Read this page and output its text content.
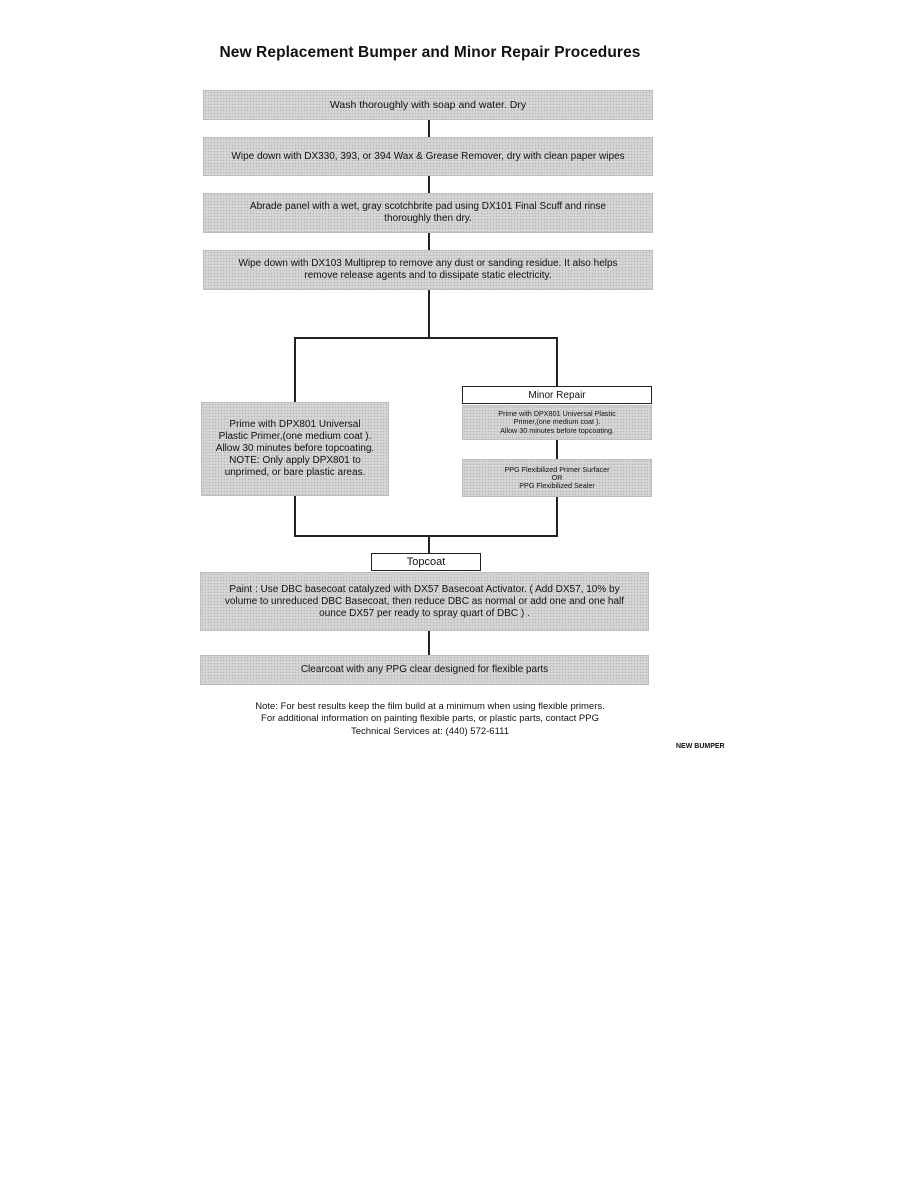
New Replacement Bumper and Minor Repair Procedures
Wash thoroughly with soap and water. Dry
Wipe down with DX330, 393, or 394 Wax & Grease Remover, dry with clean paper wipes
Abrade panel with a wet, gray scotchbrite pad using DX101 Final Scuff and rinse
thoroughly then dry.
Wipe down with DX103 Multiprep to remove any dust or sanding residue. It also helps
remove release agents and to dissipate static electricity.
Prime with DPX801 Universal
Plastic Primer,(one medium coat ).
Allow 30 minutes before topcoating.
NOTE: Only apply DPX801 to
unprimed, or bare plastic areas.
Minor Repair
Prime with DPX801 Universal Plastic
Primer,(one medium coat ).
Allow 30 minutes before topcoating.
PPG Flexibilized Primer Surfacer
OR
PPG Flexibilized Sealer
Topcoat
Paint : Use DBC basecoat catalyzed with DX57 Basecoat Activator. ( Add DX57, 10% by
volume to unreduced DBC Basecoat, then reduce DBC as normal or add one and one half
ounce DX57 per ready to spray quart of DBC ) .
Clearcoat with any PPG clear designed for flexible parts
Note: For best results keep the film build at a minimum when using flexible primers.
For additional information on painting flexible parts, or plastic parts, contact PPG
Technical Services at: (440) 572-6111
NEW BUMPER
